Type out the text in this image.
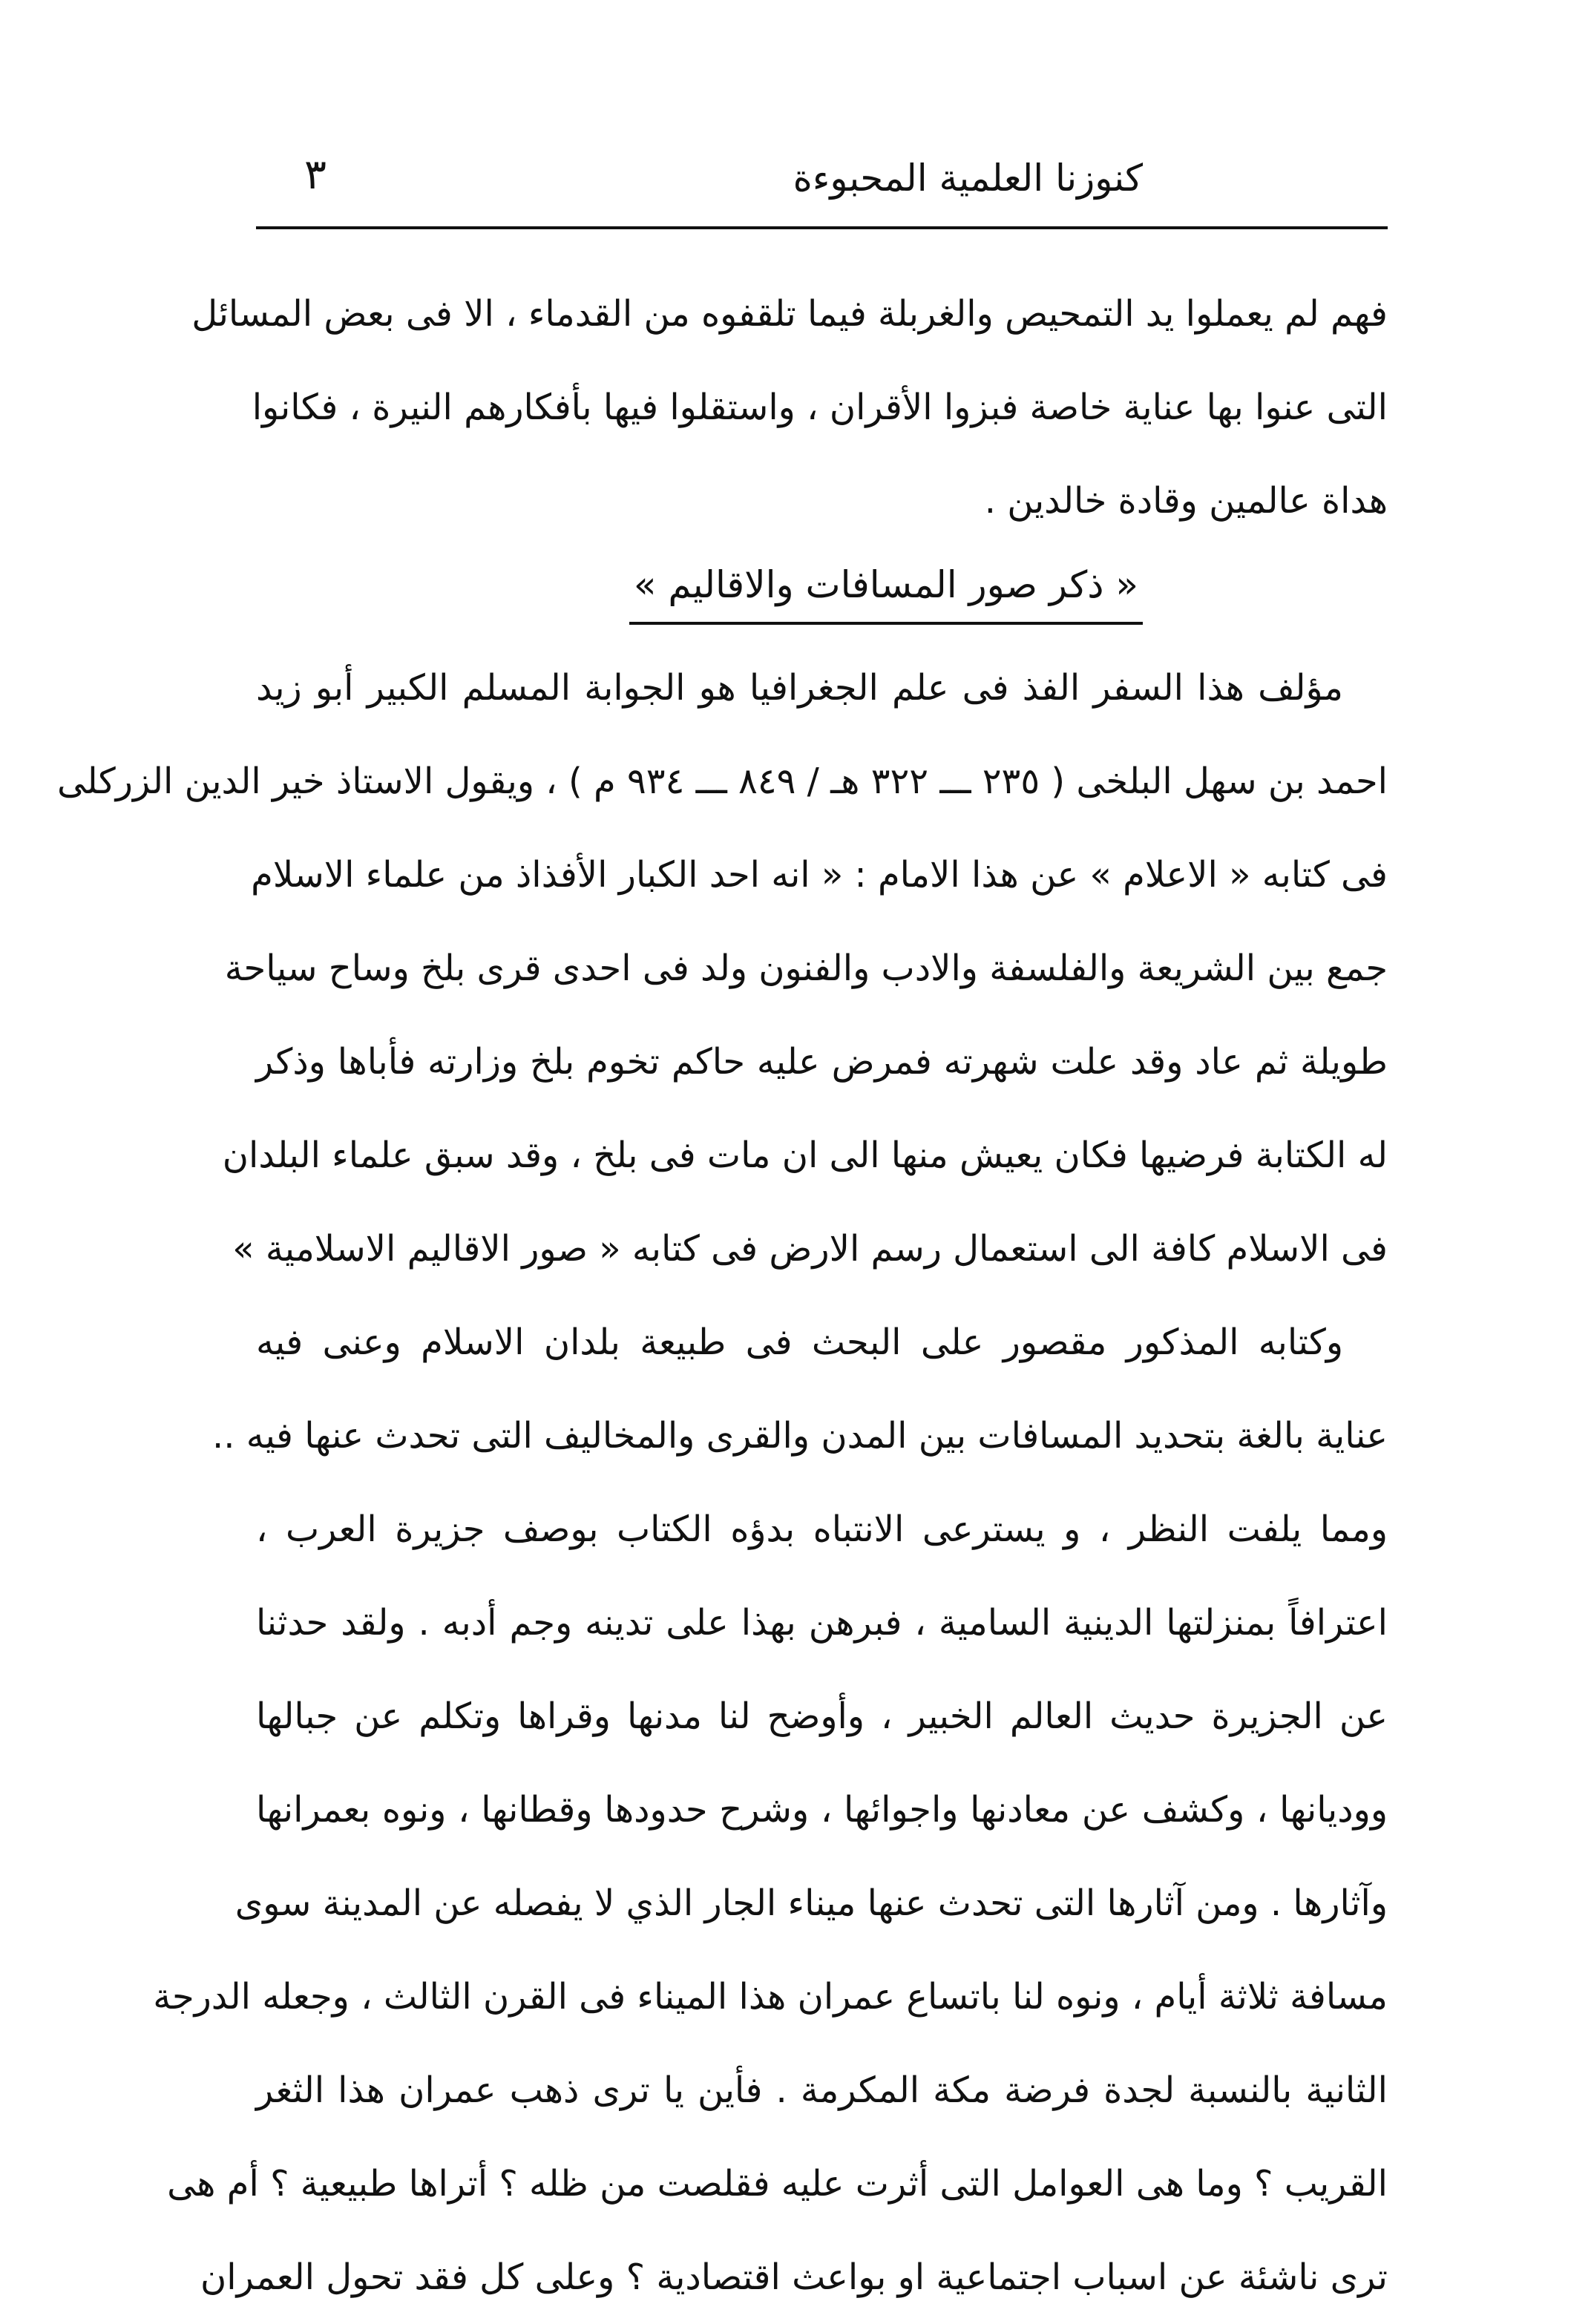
كنوزنا العلمية المحبوءة
٣
فهم لم يعملوا يد التمحيص والغربلة فيما تلقفوه من القدماء ، الا فى بعض المسائل
التى عنوا بها عناية خاصة فبزوا الأقران ، واستقلوا فيها بأفكارهم النيرة ، فكانوا
هداة عالمين وقادة خالدين .
« ذكر صور المسافات والاقاليم »
مؤلف هذا السفر الفذ فى علم الجغرافيا هو الجوابة المسلم الكبير أبو زيد
احمد بن سهل البلخى ( ٢٣٥ ـــ ٣٢٢ هـ / ٨٤٩ ـــ ٩٣٤ م ) ، ويقول الاستاذ خير الدين الزركلى
فى كتابه « الاعلام » عن هذا الامام : « انه احد الكبار الأفذاذ من علماء الاسلام
جمع بين الشريعة والفلسفة والادب والفنون ولد فى احدى قرى بلخ وساح سياحة
طويلة ثم عاد وقد علت شهرته فمرض عليه حاكم تخوم بلخ وزارته فأباها وذكر
له الكتابة فرضيها فكان يعيش منها الى ان مات فى بلخ ، وقد سبق علماء البلدان
فى الاسلام كافة الى استعمال رسم الارض فى كتابه « صور الاقاليم الاسلامية »
وكتابه المذكور مقصور على البحث فى طبيعة بلدان الاسلام وعنى فيه
عناية بالغة بتحديد المسافات بين المدن والقرى والمخاليف التى تحدث عنها فيه ..
ومما يلفت النظر ، و يسترعى الانتباه بدؤه الكتاب بوصف جزيرة العرب ،
اعترافاً بمنزلتها الدينية السامية ، فبرهن بهذا على تدينه وجم أدبه . ولقد حدثنا
عن الجزيرة حديث العالم الخبير ، وأوضح لنا مدنها وقراها وتكلم عن جبالها
ووديانها ، وكشف عن معادنها واجوائها ، وشرح حدودها وقطانها ، ونوه بعمرانها
وآثارها . ومن آثارها التى تحدث عنها ميناء الجار الذي لا يفصله عن المدينة سوى
مسافة ثلاثة أيام ، ونوه لنا باتساع عمران هذا الميناء فى القرن الثالث ، وجعله الدرجة
الثانية بالنسبة لجدة فرضة مكة المكرمة . فأين يا ترى ذهب عمران هذا الثغر
القريب ؟ وما هى العوامل التى أثرت عليه فقلصت من ظله ؟ أتراها طبيعية ؟ أم هى
ترى ناشئة عن اسباب اجتماعية او بواعث اقتصادية ؟ وعلى كل فقد تحول العمران
